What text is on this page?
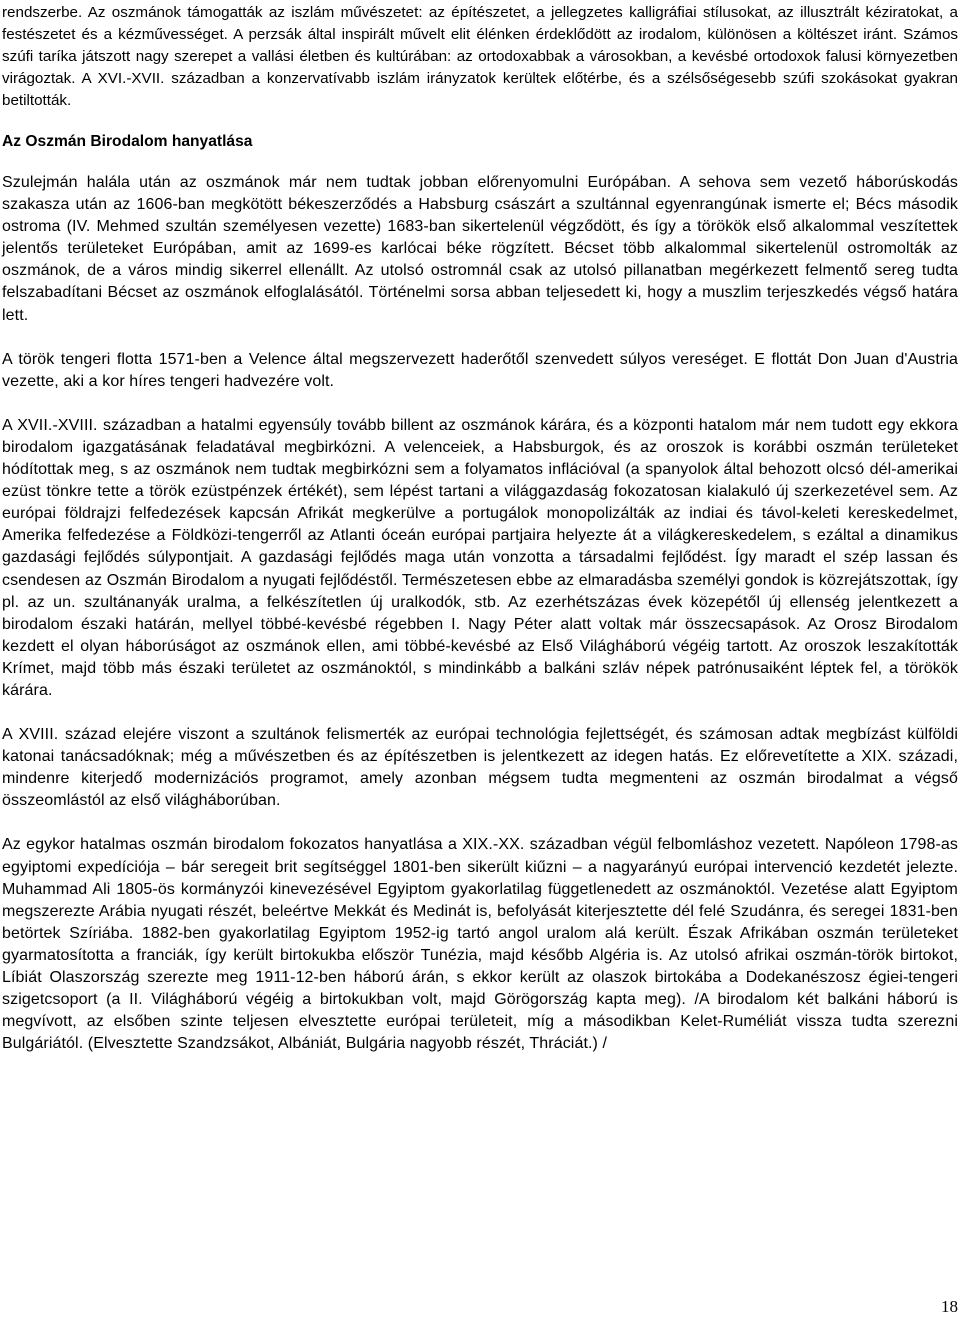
rendszerbe. Az oszmánok támogatták az iszlám művészetet: az építészetet, a jellegzetes kalligráfiai stílusokat, az illusztrált kéziratokat, a festészetet és a kézművességet. A perzsák által inspirált művelt elit élénken érdeklődött az irodalom, különösen a költészet iránt. Számos szúfi taríka játszott nagy szerepet a vallási életben és kultúrában: az ortodoxabbak a városokban, a kevésbé ortodoxok falusi környezetben virágoztak. A XVI.-XVII. században a konzervatívabb iszlám irányzatok kerültek előtérbe, és a szélsőségesebb szúfi szokásokat gyakran betiltották.

Az Oszmán Birodalom hanyatlása

Szulejmán halála után az oszmánok már nem tudtak jobban előrenyomulni Európában. A sehova sem vezető háborúskodás szakasza után az 1606-ban megkötött békeszerződés a Habsburg császárt a szultánnal egyenrangúnak ismerte el; Bécs második ostroma (IV. Mehmed szultán személyesen vezette) 1683-ban sikertelenül végződött, és így a törökök első alkalommal veszítettek jelentős területeket Európában, amit az 1699-es karlócai béke rögzített. Bécset több alkalommal sikertelenül ostromolták az oszmánok, de a város mindig sikerrel ellenállt. Az utolsó ostromnál csak az utolsó pillanatban megérkezett felmentő sereg tudta felszabadítani Bécset az oszmánok elfoglalásától. Történelmi sorsa abban teljesedett ki, hogy a muszlim terjeszkedés végső határa lett.

A török tengeri flotta 1571-ben a Velence által megszervezett haderőtől szenvedett súlyos vereséget. E flottát Don Juan d'Austria vezette, aki a kor híres tengeri hadvezére volt.

A XVII.-XVIII. században a hatalmi egyensúly tovább billent az oszmánok kárára, és a központi hatalom már nem tudott egy ekkora birodalom igazgatásának feladatával megbirkózni. A velenceiek, a Habsburgok, és az oroszok is korábbi oszmán területeket hódítottak meg, s az oszmánok nem tudtak megbirkózni sem a folyamatos inflációval (a spanyolok által behozott olcsó dél-amerikai ezüst tönkre tette a török ezüstpénzek értékét), sem lépést tartani a világgazdaság fokozatosan kialakuló új szerkezetével sem. Az európai földrajzi felfedezések kapcsán Afrikát megkerülve a portugálok monopolizálták az indiai és távol-keleti kereskedelmet, Amerika felfedezése a Földközi-tengerről az Atlanti óceán európai partjaira helyezte át a világkereskedelem, s ezáltal a dinamikus gazdasági fejlődés súlypontjait. A gazdasági fejlődés maga után vonzotta a társadalmi fejlődést. Így maradt el szép lassan és csendesen az Oszmán Birodalom a nyugati fejlődéstől. Természetesen ebbe az elmaradásba személyi gondok is közrejátszottak, így pl. az un. szultánanyák uralma, a felkészítetlen új uralkodók, stb. Az ezerhétszázas évek közepétől új ellenség jelentkezett a birodalom északi határán, mellyel többé-kevésbé régebben I. Nagy Péter alatt voltak már összecsapások. Az Orosz Birodalom kezdett el olyan háborúságot az oszmánok ellen, ami többé-kevésbé az Első Világháború végéig tartott. Az oroszok leszakították Krímet, majd több más északi területet az oszmánoktól, s mindinkább a balkáni szláv népek patrónusaiként léptek fel, a törökök kárára.

A XVIII. század elejére viszont a szultánok felismerték az európai technológia fejlettségét, és számosan adtak megbízást külföldi katonai tanácsadóknak; még a művészetben és az építészetben is jelentkezett az idegen hatás. Ez előrevetítette a XIX. századi, mindenre kiterjedő modernizációs programot, amely azonban mégsem tudta megmenteni az oszmán birodalmat a végső összeomlástól az első világháborúban.

Az egykor hatalmas oszmán birodalom fokozatos hanyatlása a XIX.-XX. században végül felbomláshoz vezetett. Napóleon 1798-as egyiptomi expedíciója – bár seregeit brit segítséggel 1801-ben sikerült kiűzni – a nagyarányú európai intervenció kezdetét jelezte. Muhammad Ali 1805-ös kormányzói kinevezésével Egyiptom gyakorlatilag függetlenedett az oszmánoktól. Vezetése alatt Egyiptom megszerezte Arábia nyugati részét, beleértve Mekkát és Medinát is, befolyását kiterjesztette dél felé Szudánra, és seregei 1831-ben betörtek Szíriába. 1882-ben gyakorlatilag Egyiptom 1952-ig tartó angol uralom alá került. Észak Afrikában oszmán területeket gyarmatosította a franciák, így került birtokukba először Tunézia, majd később Algéria is. Az utolsó afrikai oszmán-török birtokot, Líbiát Olaszország szerezte meg 1911-12-ben háború árán, s ekkor került az olaszok birtokába a Dodekanészosz égiei-tengeri szigetcsoport (a II. Világháború végéig a birtokukban volt, majd Görögország kapta meg). /A birodalom két balkáni háború is megvívott, az elsőben szinte teljesen elvesztette európai területeit, míg a másodikban Kelet-Ruméliát vissza tudta szerezni Bulgáriától. (Elvesztette Szandzsákot, Albániát, Bulgária nagyobb részét, Thráciát.) /

18
